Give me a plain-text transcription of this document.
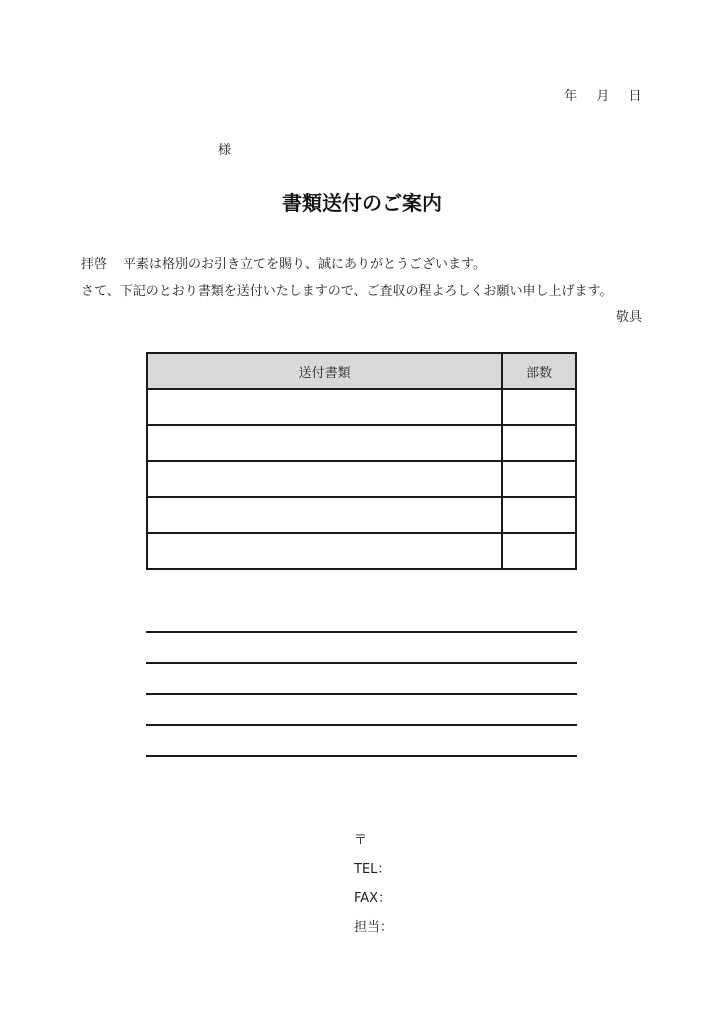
年 月 日
様
書類送付のご案内
拝啓 平素は格別のお引き立てを賜り、誠にありがとうございます。
さて、下記のとおり書類を送付いたしますので、ご査収の程よろしくお願い申し上げます。
敬具
送付書類	部数

〒
TEL：
FAX：
担当：
